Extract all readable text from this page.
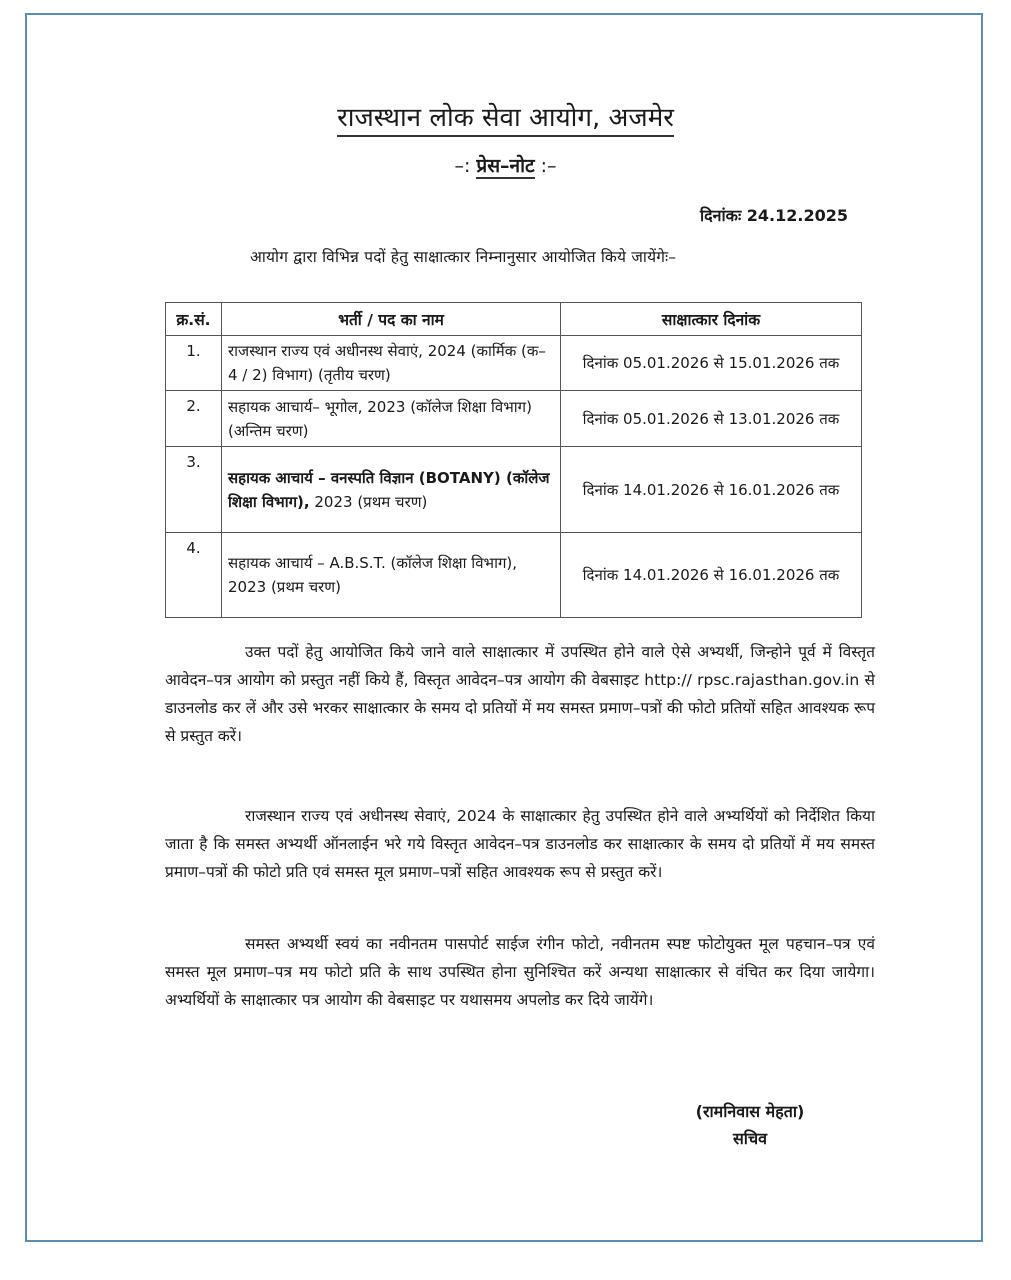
राजस्थान लोक सेवा आयोग, अजमेर
–: प्रेस–नोट :–
दिनांकः 24.12.2025
आयोग द्वारा विभिन्न पदों हेतु साक्षात्कार निम्नानुसार आयोजित किये जायेंगेः–
क्र.सं.	भर्ती / पद का नाम	साक्षात्कार दिनांक
1.	राजस्थान राज्य एवं अधीनस्थ सेवाएं, 2024 (कार्मिक (क–4 / 2) विभाग) (तृतीय चरण)	दिनांक 05.01.2026 से 15.01.2026 तक
2.	सहायक आचार्य– भूगोल, 2023 (कॉलेज शिक्षा विभाग) (अन्तिम चरण)	दिनांक 05.01.2026 से 13.01.2026 तक
3.	सहायक आचार्य – वनस्पति विज्ञान (BOTANY) (कॉलेज शिक्षा विभाग), 2023 (प्रथम चरण)	दिनांक 14.01.2026 से 16.01.2026 तक
4.	सहायक आचार्य – A.B.S.T. (कॉलेज शिक्षा विभाग), 2023 (प्रथम चरण)	दिनांक 14.01.2026 से 16.01.2026 तक
उक्त पदों हेतु आयोजित किये जाने वाले साक्षात्कार में उपस्थित होने वाले ऐसे अभ्यर्थी, जिन्होने पूर्व में विस्तृत आवेदन–पत्र आयोग को प्रस्तुत नहीं किये हैं, विस्तृत आवेदन–पत्र आयोग की वेबसाइट http:// rpsc.rajasthan.gov.in से डाउनलोड कर लें और उसे भरकर साक्षात्कार के समय दो प्रतियों में मय समस्त प्रमाण–पत्रों की फोटो प्रतियों सहित आवश्यक रूप से प्रस्तुत करें।
राजस्थान राज्य एवं अधीनस्थ सेवाएं, 2024 के साक्षात्कार हेतु उपस्थित होने वाले अभ्यर्थियों को निर्देशित किया जाता है कि समस्त अभ्यर्थी ऑनलाईन भरे गये विस्तृत आवेदन–पत्र डाउनलोड कर साक्षात्कार के समय दो प्रतियों में मय समस्त प्रमाण–पत्रों की फोटो प्रति एवं समस्त मूल प्रमाण–पत्रों सहित आवश्यक रूप से प्रस्तुत करें।
समस्त अभ्यर्थी स्वयं का नवीनतम पासपोर्ट साईज रंगीन फोटो, नवीनतम स्पष्ट फोटोयुक्त मूल पहचान–पत्र एवं समस्त मूल प्रमाण–पत्र मय फोटो प्रति के साथ उपस्थित होना सुनिश्चित करें अन्यथा साक्षात्कार से वंचित कर दिया जायेगा। अभ्यर्थियों के साक्षात्कार पत्र आयोग की वेबसाइट पर यथासमय अपलोड कर दिये जायेंगे।
(रामनिवास मेहता)
सचिव
